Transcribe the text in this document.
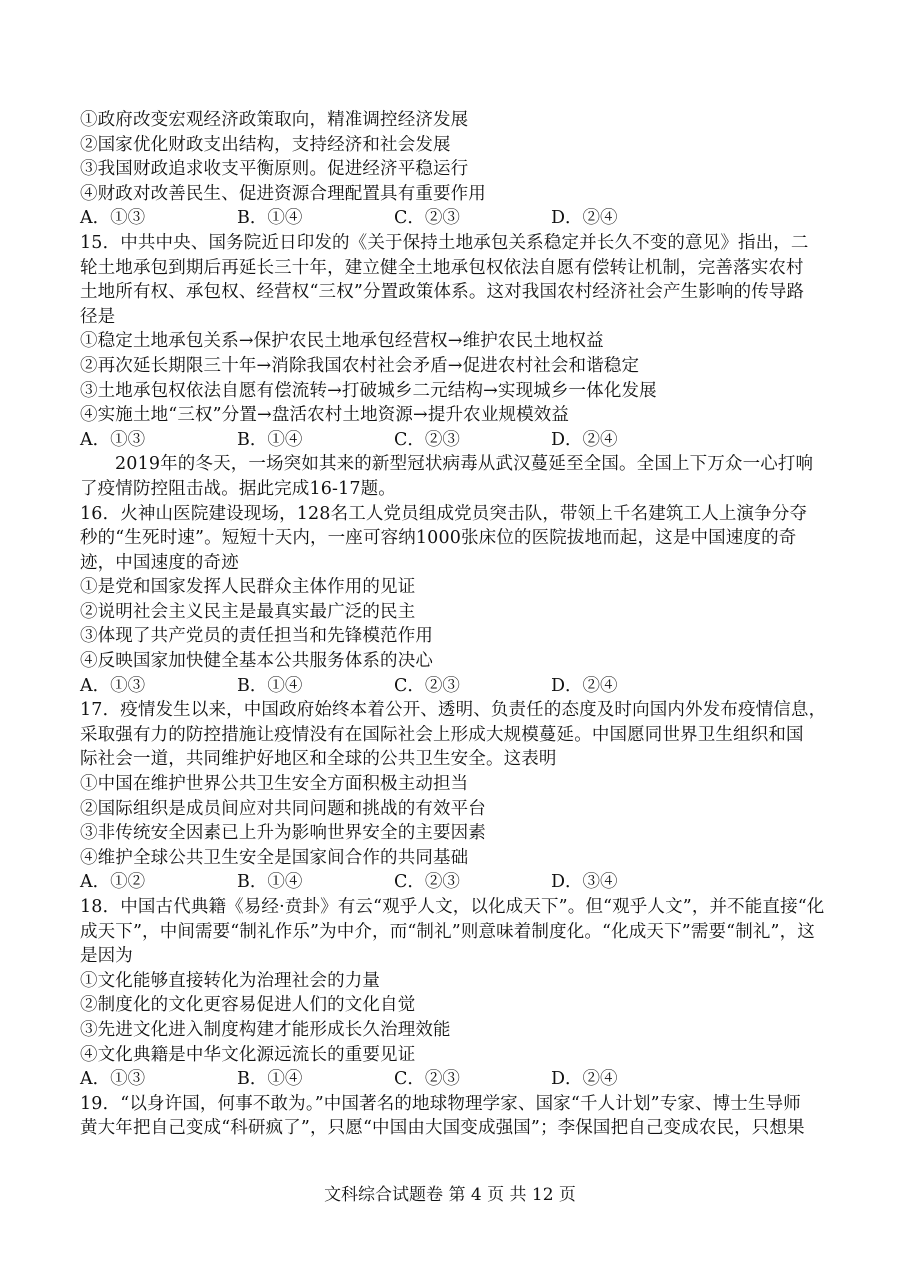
①政府改变宏观经济政策取向，精准调控经济发展
②国家优化财政支出结构，支持经济和社会发展
③我国财政追求收支平衡原则。促进经济平稳运行
④财政对改善民生、促进资源合理配置具有重要作用
A．①③	B．①④	C．②③	D．②④
15．中共中央、国务院近日印发的《关于保持土地承包关系稳定并长久不变的意见》指出，二
轮土地承包到期后再延长三十年，建立健全土地承包权依法自愿有偿转让机制，完善落实农村
土地所有权、承包权、经营权“三权”分置政策体系。这对我国农村经济社会产生影响的传导路
径是
①稳定土地承包关系→保护农民土地承包经营权→维护农民土地权益
②再次延长期限三十年→消除我国农村社会矛盾→促进农村社会和谐稳定
③土地承包权依法自愿有偿流转→打破城乡二元结构→实现城乡一体化发展
④实施土地“三权”分置→盘活农村土地资源→提升农业规模效益
A．①③	B．①④	C．②③	D．②④
2019年的冬天，一场突如其来的新型冠状病毒从武汉蔓延至全国。全国上下万众一心打响
了疫情防控阻击战。据此完成16-17题。
16．火神山医院建设现场，128名工人党员组成党员突击队，带领上千名建筑工人上演争分夺
秒的“生死时速”。短短十天内，一座可容纳1000张床位的医院拔地而起，这是中国速度的奇
迹，中国速度的奇迹
①是党和国家发挥人民群众主体作用的见证
②说明社会主义民主是最真实最广泛的民主
③体现了共产党员的责任担当和先锋模范作用
④反映国家加快健全基本公共服务体系的决心
A．①③	B．①④	C．②③	D．②④
17．疫情发生以来，中国政府始终本着公开、透明、负责任的态度及时向国内外发布疫情信息，
采取强有力的防控措施让疫情没有在国际社会上形成大规模蔓延。中国愿同世界卫生组织和国
际社会一道，共同维护好地区和全球的公共卫生安全。这表明
①中国在维护世界公共卫生安全方面积极主动担当
②国际组织是成员间应对共同问题和挑战的有效平台
③非传统安全因素已上升为影响世界安全的主要因素
④维护全球公共卫生安全是国家间合作的共同基础
A．①②	B．①④	C．②③	D．③④
18．中国古代典籍《易经·贲卦》有云“观乎人文，以化成天下”。但“观乎人文”，并不能直接“化
成天下”，中间需要“制礼作乐”为中介，而“制礼”则意味着制度化。“化成天下”需要“制礼”，这
是因为
①文化能够直接转化为治理社会的力量
②制度化的文化更容易促进人们的文化自觉
③先进文化进入制度构建才能形成长久治理效能
④文化典籍是中华文化源远流长的重要见证
A．①③	B．①④	C．②③	D．②④
19．“以身许国，何事不敢为。”中国著名的地球物理学家、国家“千人计划”专家、博士生导师
黄大年把自己变成“科研疯了”，只愿“中国由大国变成强国”；李保国把自己变成农民，只想果
文科综合试题卷 第 4 页 共 12 页
